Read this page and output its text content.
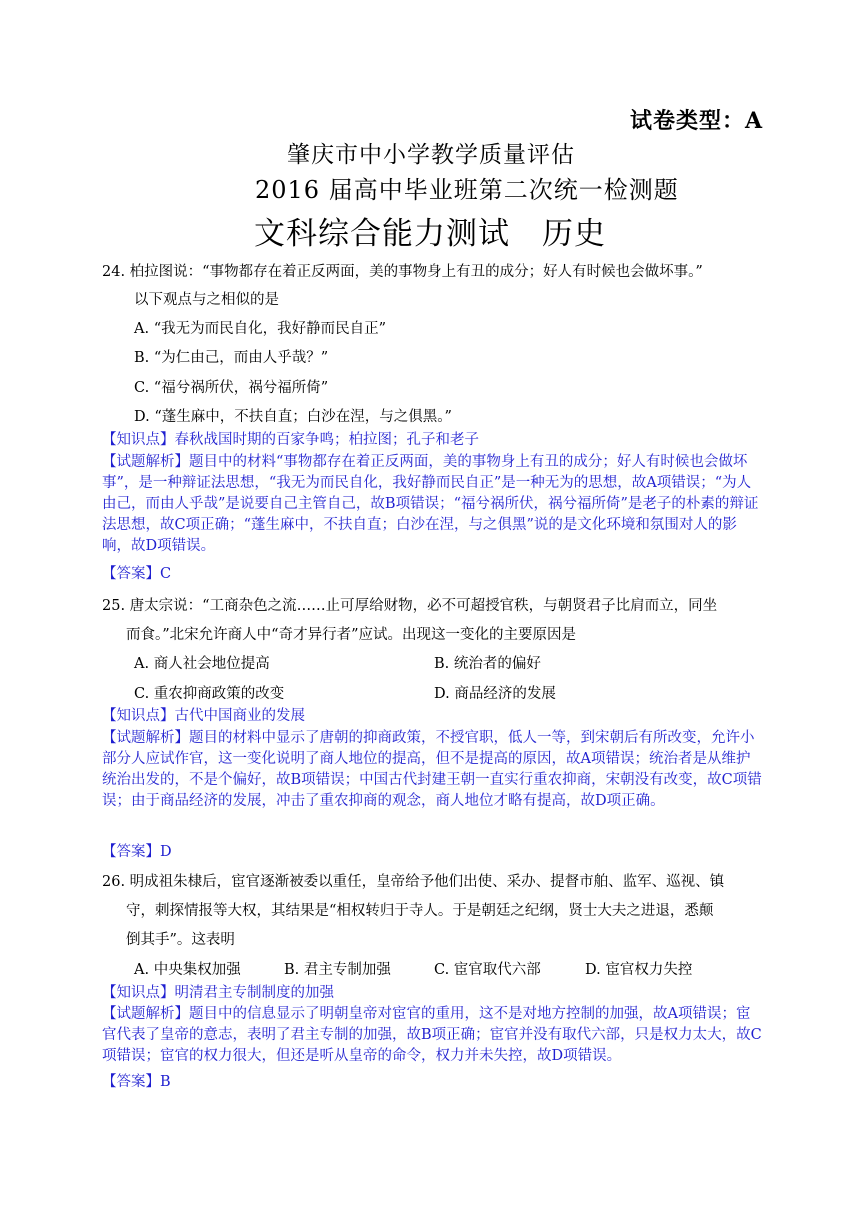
试卷类型：A
肇庆市中小学教学质量评估
2016 届高中毕业班第二次统一检测题
文科综合能力测试　历史
24. 柏拉图说：“事物都存在着正反两面，美的事物身上有丑的成分；好人有时候也会做坏事。”
以下观点与之相似的是
A. “我无为而民自化，我好静而民自正”
B. “为仁由己，而由人乎哉？”
C. “福兮祸所伏，祸兮福所倚”
D. “蓬生麻中，不扶自直；白沙在涅，与之俱黑。”
【知识点】春秋战国时期的百家争鸣；柏拉图；孔子和老子
【试题解析】题目中的材料“事物都存在着正反两面，美的事物身上有丑的成分；好人有时候也会做坏事”，是一种辩证法思想，“我无为而民自化，我好静而民自正”是一种无为的思想，故A项错误；“为人由己，而由人乎哉”是说要自己主管自己，故B项错误；“福兮祸所伏，祸兮福所倚”是老子的朴素的辩证法思想，故C项正确；“蓬生麻中，不扶自直；白沙在涅，与之俱黑”说的是文化环境和氛围对人的影响，故D项错误。
【答案】C
25. 唐太宗说：“工商杂色之流……止可厚给财物，必不可超授官秩，与朝贤君子比肩而立，同坐
而食。”北宋允许商人中“奇才异行者”应试。出现这一变化的主要原因是
A. 商人社会地位提高	B. 统治者的偏好
C. 重农抑商政策的改变	D. 商品经济的发展
【知识点】古代中国商业的发展
【试题解析】题目的材料中显示了唐朝的抑商政策，不授官职，低人一等，到宋朝后有所改变，允许小部分人应试作官，这一变化说明了商人地位的提高，但不是提高的原因，故A项错误；统治者是从维护统治出发的，不是个偏好，故B项错误；中国古代封建王朝一直实行重农抑商，宋朝没有改变，故C项错误；由于商品经济的发展，冲击了重农抑商的观念，商人地位才略有提高，故D项正确。
【答案】D
26. 明成祖朱棣后，宦官逐渐被委以重任，皇帝给予他们出使、采办、提督市舶、监军、巡视、镇
守，刺探情报等大权，其结果是“相权转归于寺人。于是朝廷之纪纲，贤士大夫之进退，悉颠
倒其手”。这表明
A. 中央集权加强	B. 君主专制加强	C. 宦官取代六部	D. 宦官权力失控
【知识点】明清君主专制制度的加强
【试题解析】题目中的信息显示了明朝皇帝对宦官的重用，这不是对地方控制的加强，故A项错误；宦官代表了皇帝的意志，表明了君主专制的加强，故B项正确；宦官并没有取代六部，只是权力太大，故C项错误；宦官的权力很大，但还是听从皇帝的命令，权力并未失控，故D项错误。
【答案】B
